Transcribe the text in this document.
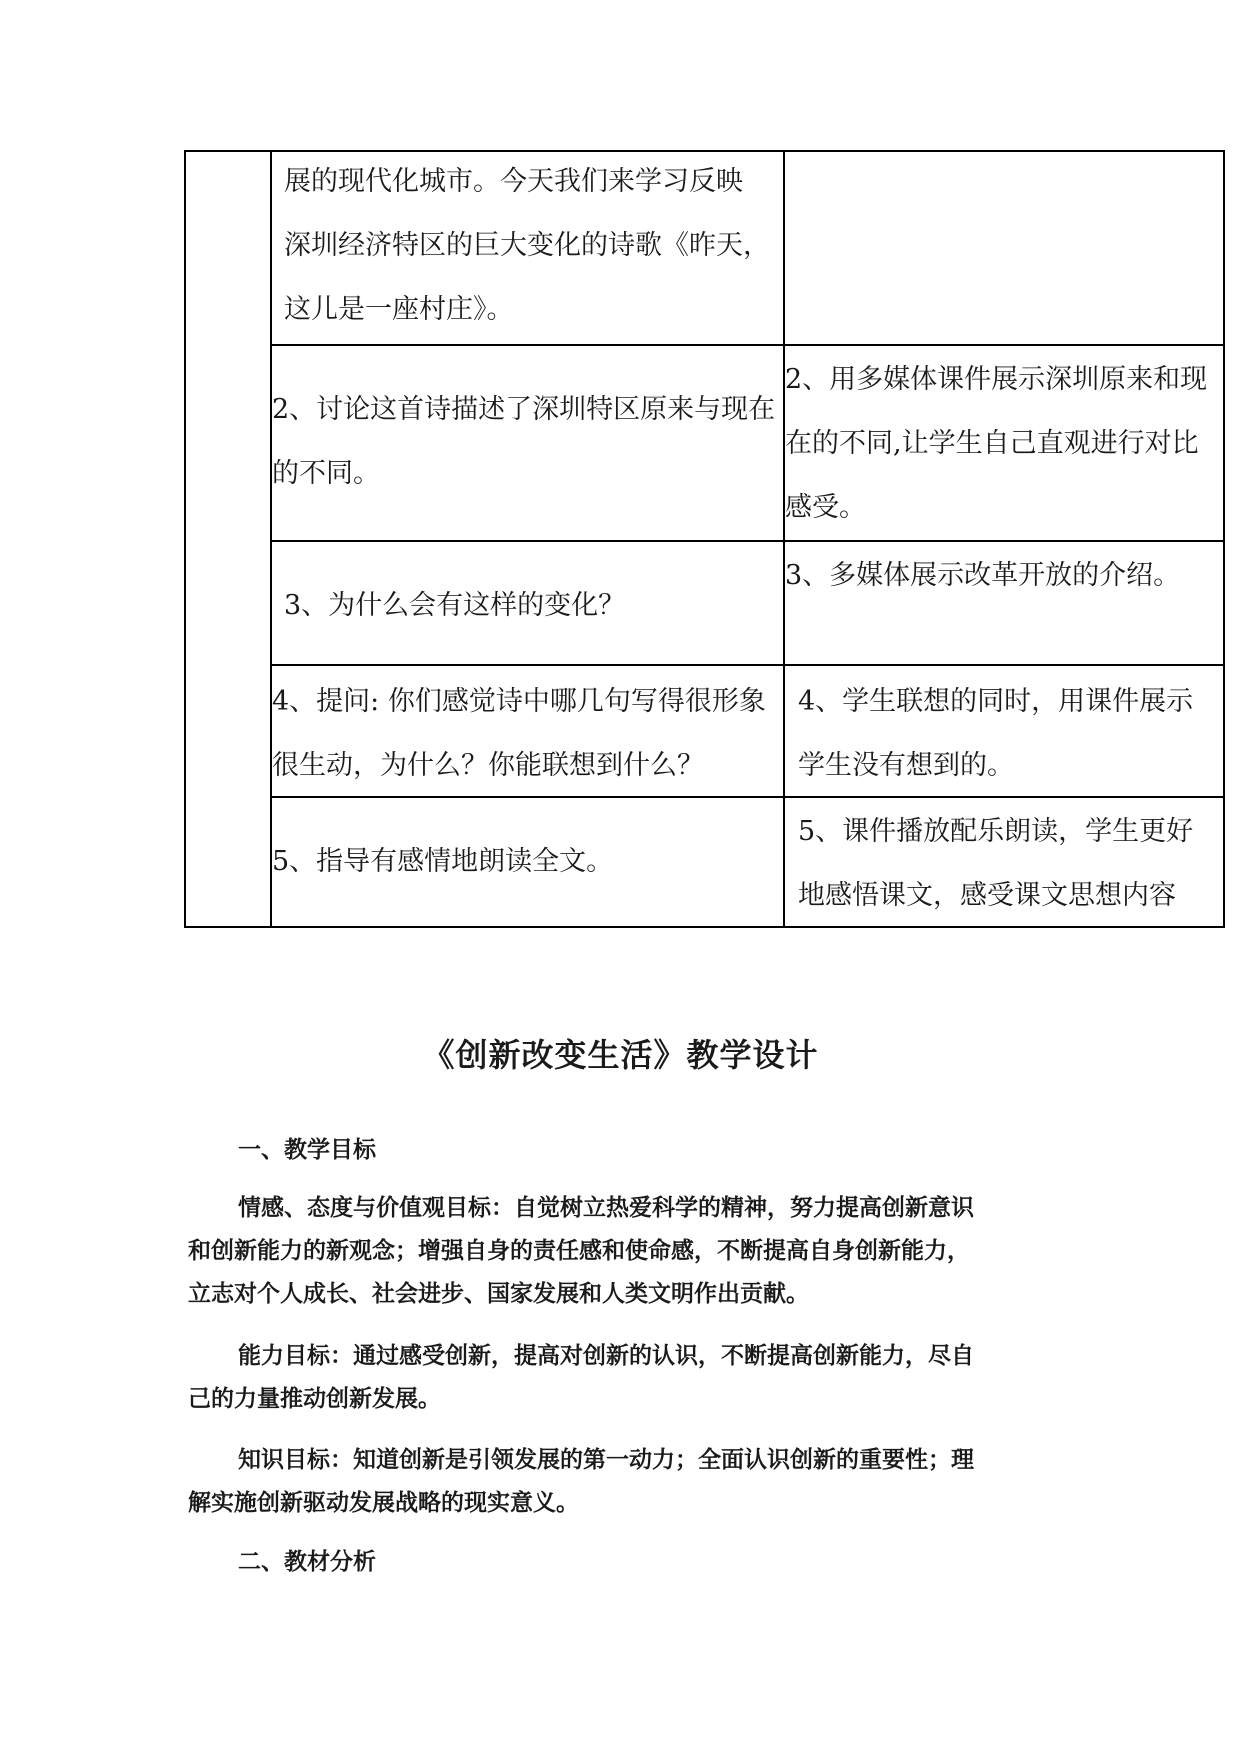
展的现代化城市。今天我们来学习反映
深圳经济特区的巨大变化的诗歌《昨天，
这儿是一座村庄》。
2、讨论这首诗描述了深圳特区原来与现在
的不同。
2、用多媒体课件展示深圳原来和现
在的不同,让学生自己直观进行对比
感受。
3、为什么会有这样的变化？
3、多媒体展示改革开放的介绍。
4、提问: 你们感觉诗中哪几句写得很形象
很生动，为什么？你能联想到什么？
4、学生联想的同时，用课件展示
学生没有想到的。
5、指导有感情地朗读全文。
5、课件播放配乐朗读，学生更好
地感悟课文，感受课文思想内容
《创新改变生活》教学设计
一、教学目标
情感、态度与价值观目标：自觉树立热爱科学的精神，努力提高创新意识
和创新能力的新观念；增强自身的责任感和使命感，不断提高自身创新能力，
立志对个人成长、社会进步、国家发展和人类文明作出贡献。
能力目标：通过感受创新，提高对创新的认识，不断提高创新能力，尽自
己的力量推动创新发展。
知识目标：知道创新是引领发展的第一动力；全面认识创新的重要性；理
解实施创新驱动发展战略的现实意义。
二、教材分析
